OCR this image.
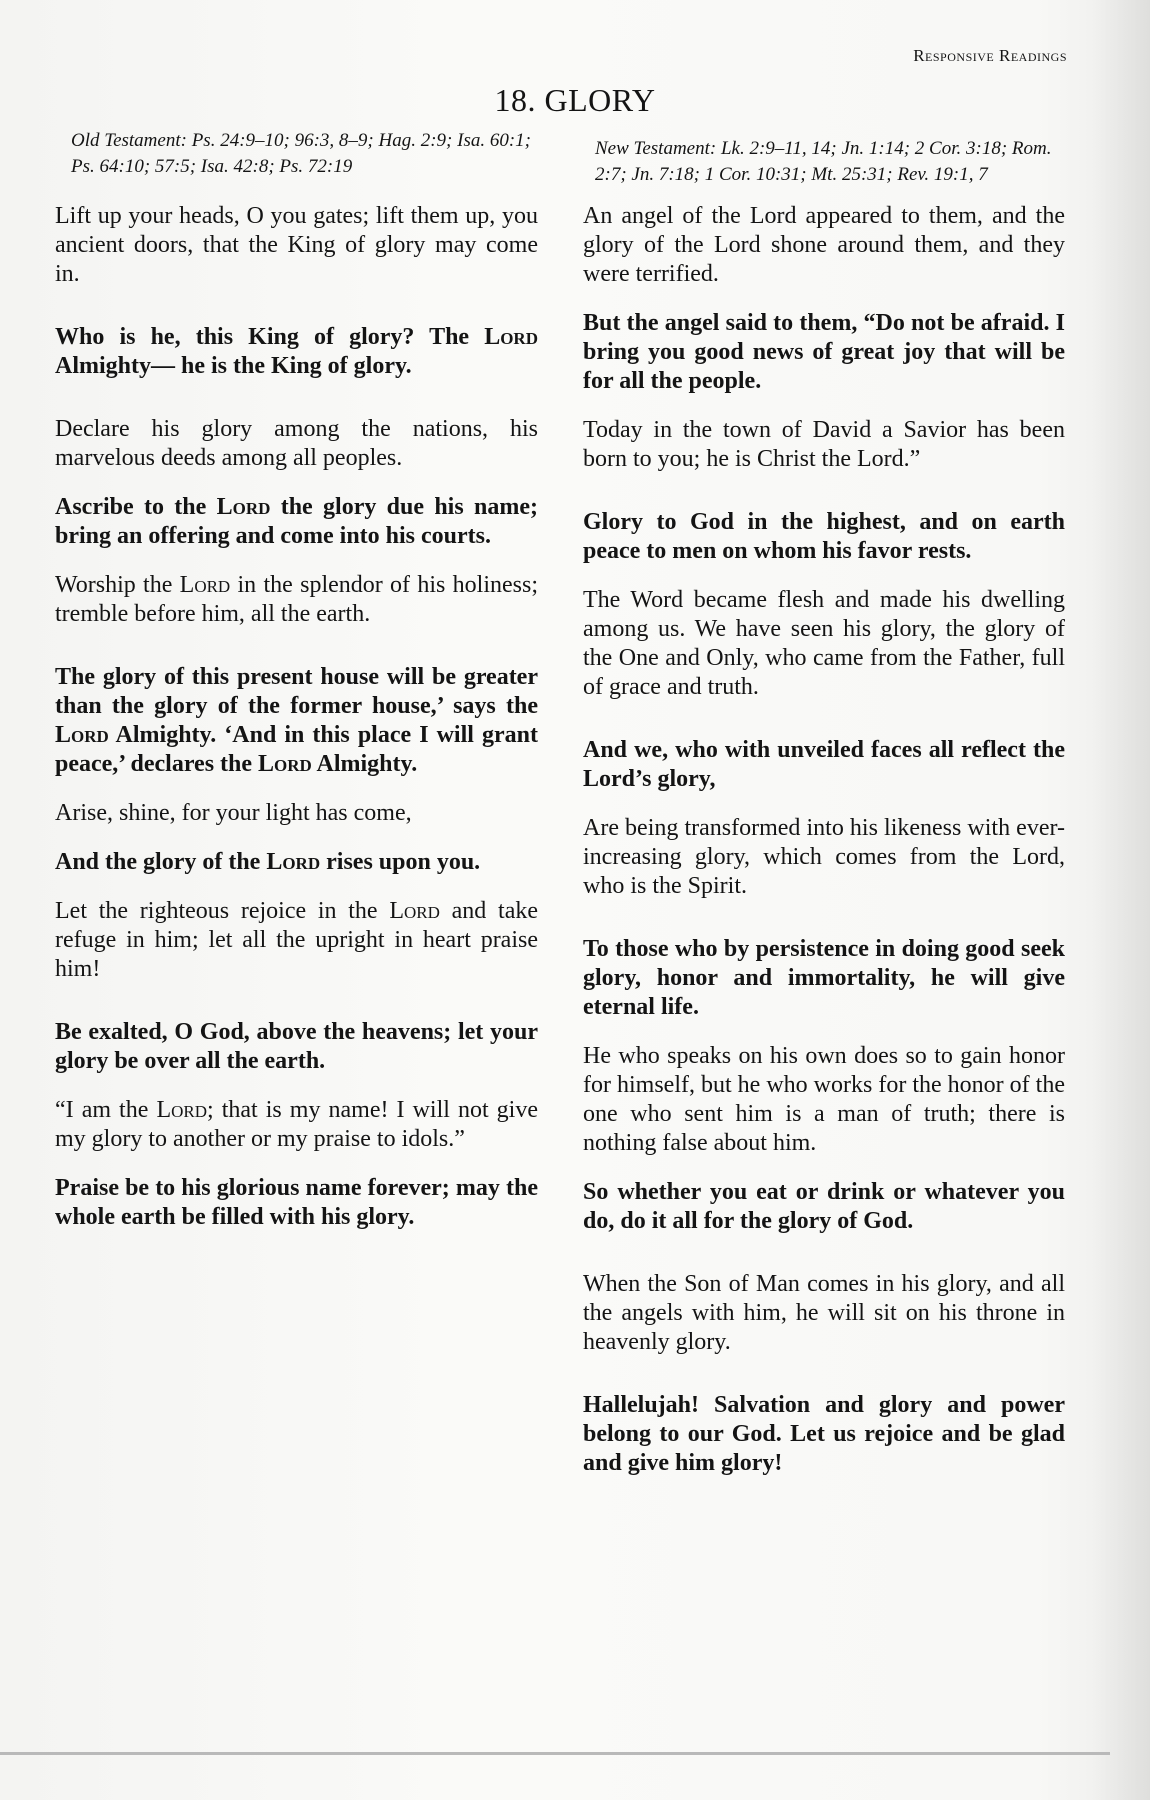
Responsive Readings
18. GLORY
Old Testament: Ps. 24:9–10; 96:3, 8–9; Hag. 2:9; Isa. 60:1; Ps. 64:10; 57:5; Isa. 42:8; Ps. 72:19

Lift up your heads, O you gates; lift them up, you ancient doors, that the King of glory may come in.

Who is he, this King of glory? The Lord Almighty— he is the King of glory.

Declare his glory among the nations, his marvelous deeds among all peoples.

Ascribe to the Lord the glory due his name; bring an offering and come into his courts.

Worship the Lord in the splendor of his holiness; tremble before him, all the earth.

The glory of this present house will be greater than the glory of the former house,’ says the Lord Almighty. ‘And in this place I will grant peace,’ declares the Lord Almighty.

Arise, shine, for your light has come,

And the glory of the Lord rises upon you.

Let the righteous rejoice in the Lord and take refuge in him; let all the upright in heart praise him!

Be exalted, O God, above the heavens; let your glory be over all the earth.

“I am the Lord; that is my name! I will not give my glory to another or my praise to idols.”

Praise be to his glorious name forever; may the whole earth be filled with his glory.

New Testament: Lk. 2:9–11, 14; Jn. 1:14; 2 Cor. 3:18; Rom. 2:7; Jn. 7:18; 1 Cor. 10:31; Mt. 25:31; Rev. 19:1, 7

An angel of the Lord appeared to them, and the glory of the Lord shone around them, and they were terrified.

But the angel said to them, “Do not be afraid. I bring you good news of great joy that will be for all the people.

Today in the town of David a Savior has been born to you; he is Christ the Lord.”

Glory to God in the highest, and on earth peace to men on whom his favor rests.

The Word became flesh and made his dwelling among us. We have seen his glory, the glory of the One and Only, who came from the Father, full of grace and truth.

And we, who with unveiled faces all reflect the Lord’s glory,

Are being transformed into his likeness with ever-increasing glory, which comes from the Lord, who is the Spirit.

To those who by persistence in doing good seek glory, honor and immortality, he will give eternal life.

He who speaks on his own does so to gain honor for himself, but he who works for the honor of the one who sent him is a man of truth; there is nothing false about him.

So whether you eat or drink or whatever you do, do it all for the glory of God.

When the Son of Man comes in his glory, and all the angels with him, he will sit on his throne in heavenly glory.

Hallelujah! Salvation and glory and power belong to our God. Let us rejoice and be glad and give him glory!
